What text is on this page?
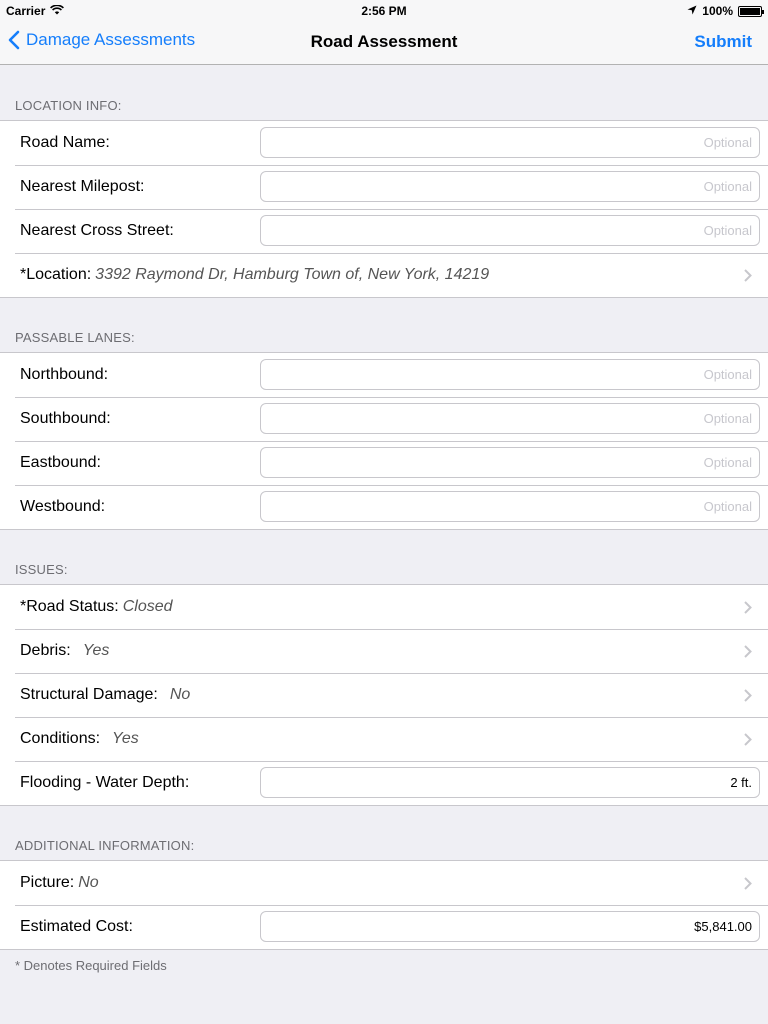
Carrier	2:56 PM	100%
Damage Assessments	Road Assessment	Submit
LOCATION INFO:
Road Name:
Optional
Nearest Milepost:
Optional
Nearest Cross Street:
Optional
*Location: 3392 Raymond Dr, Hamburg Town of, New York, 14219
PASSABLE LANES:
Northbound:
Optional
Southbound:
Optional
Eastbound:
Optional
Westbound:
Optional
ISSUES:
*Road Status: Closed
Debris: Yes
Structural Damage: No
Conditions: Yes
Flooding - Water Depth:
2 ft.
ADDITIONAL INFORMATION:
Picture: No
Estimated Cost:
$5,841.00
* Denotes Required Fields
